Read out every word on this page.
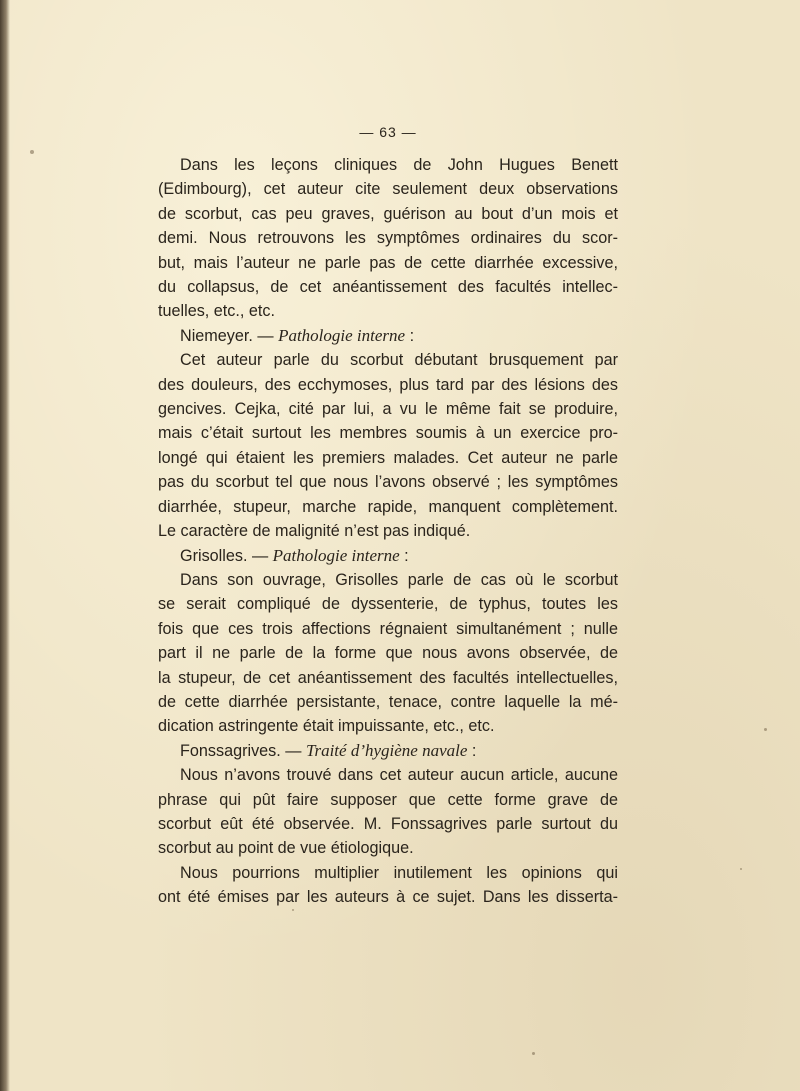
— 63 —

Dans les leçons cliniques de John Hugues Benett

(Edimbourg), cet auteur cite seulement deux observations

de scorbut, cas peu graves, guérison au bout d’un mois et

demi. Nous retrouvons les symptômes ordinaires du scor-

but, mais l’auteur ne parle pas de cette diarrhée excessive,

du collapsus, de cet anéantissement des facultés intellec-

tuelles, etc., etc.

Niemeyer. — Pathologie interne :

Cet auteur parle du scorbut débutant brusquement par

des douleurs, des ecchymoses, plus tard par des lésions des

gencives. Cejka, cité par lui, a vu le même fait se produire,

mais c’était surtout les membres soumis à un exercice pro-

longé qui étaient les premiers malades. Cet auteur ne parle

pas du scorbut tel que nous l’avons observé ; les symptômes

diarrhée, stupeur, marche rapide, manquent complètement.

Le caractère de malignité n’est pas indiqué.

Grisolles. — Pathologie interne :

Dans son ouvrage, Grisolles parle de cas où le scorbut

se serait compliqué de dyssenterie, de typhus, toutes les

fois que ces trois affections régnaient simultanément ; nulle

part il ne parle de la forme que nous avons observée, de

la stupeur, de cet anéantissement des facultés intellectuelles,

de cette diarrhée persistante, tenace, contre laquelle la mé-

dication astringente était impuissante, etc., etc.

Fonssagrives. — Traité d’hygiène navale :

Nous n’avons trouvé dans cet auteur aucun article, aucune

phrase qui pût faire supposer que cette forme grave de

scorbut eût été observée. M. Fonssagrives parle surtout du

scorbut au point de vue étiologique.

Nous pourrions multiplier inutilement les opinions qui

ont été émises par les auteurs à ce sujet. Dans les disserta-
